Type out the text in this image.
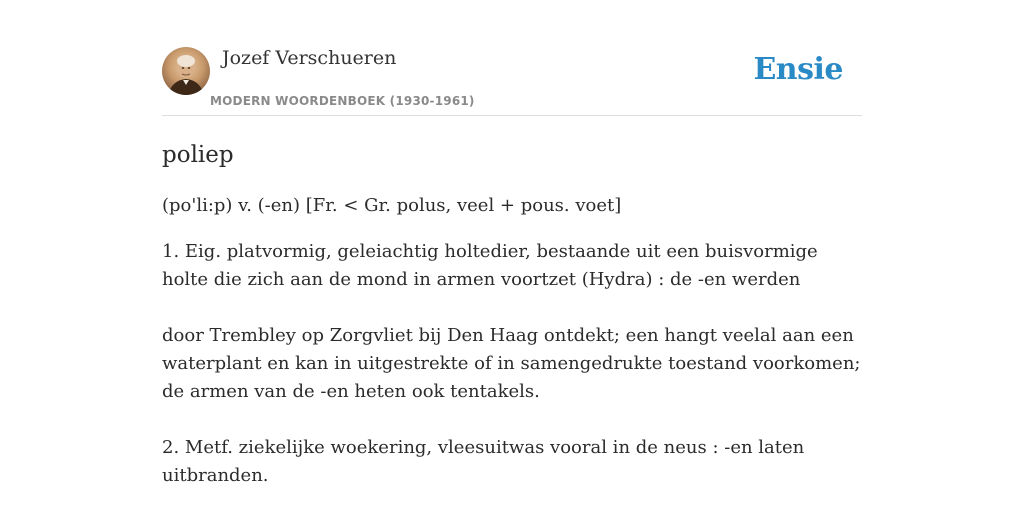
Jozef Verschueren
MODERN WOORDENBOEK (1930-1961)
Ensie
poliep

(po'li:p) v. (-en) [Fr. < Gr. polus, veel + pous. voet]

1. Eig. platvormig, geleiachtig holtedier, bestaande uit een buisvormige holte die zich aan de mond in armen voortzet (Hydra) : de -en werden

door Trembley op Zorgvliet bij Den Haag ontdekt; een hangt veelal aan een waterplant en kan in uitgestrekte of in samengedrukte toestand voorkomen; de armen van de -en heten ook tentakels.

2. Metf. ziekelijke woekering, vleesuitwas vooral in de neus : -en laten uitbranden.
